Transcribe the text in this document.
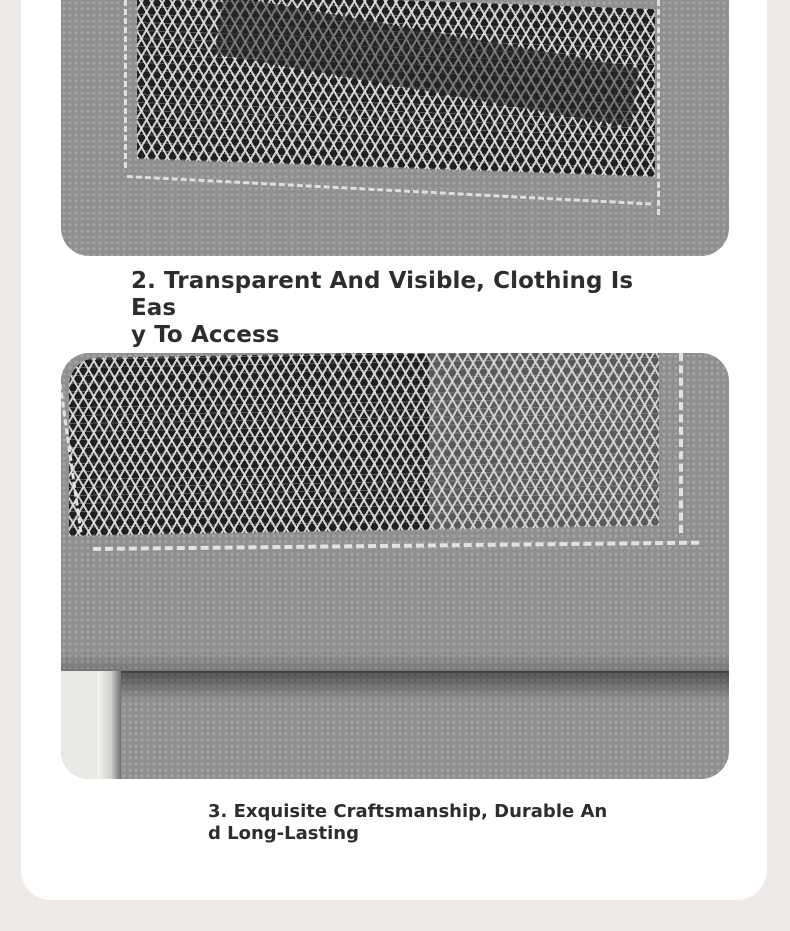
2. Transparent And Visible, Clothing Is Eas
y To Access

3. Exquisite Craftsmanship, Durable An
d Long-Lasting
